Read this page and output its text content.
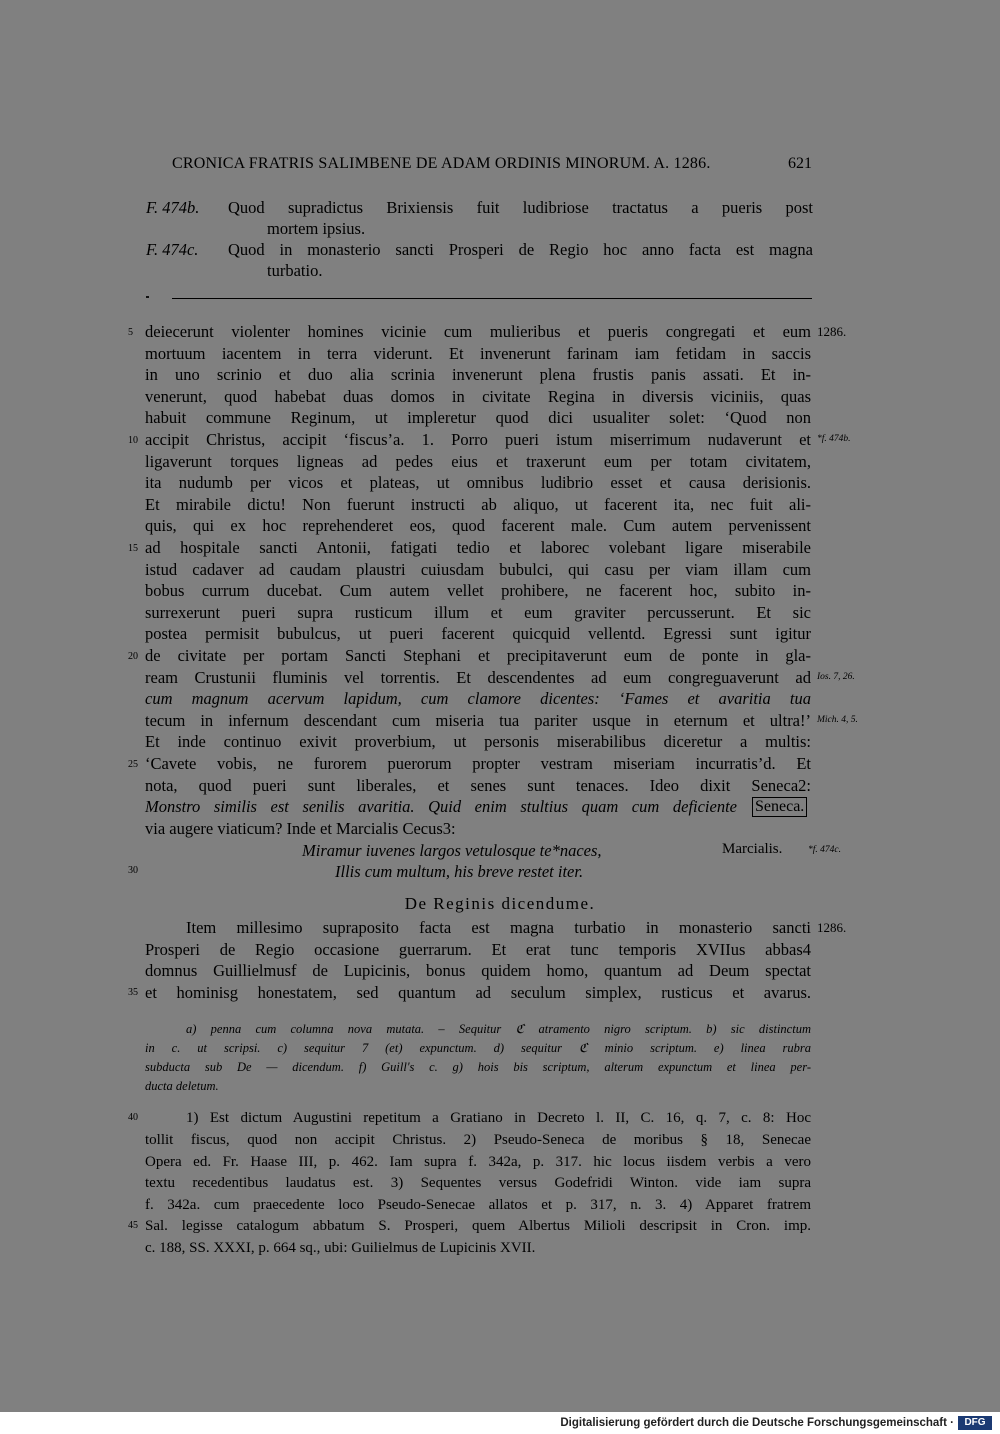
CRONICA FRATRIS SALIMBENE DE ADAM ORDINIS MINORUM. A. 1286.	621
F. 474b. Quod supradictus Brixiensis fuit ludibriose tractatus a pueris post
mortem ipsius.
F. 474c. Quod in monasterio sancti Prosperi de Regio hoc anno facta est magna
turbatio.
deiecerunt violenter homines vicinie cum mulieribus et pueris congregati et eum
mortuum iacentem in terra viderunt. Et invenerunt farinam iam fetidam in saccis
in uno scrinio et duo alia scrinia invenerunt plena frustis panis assati. Et in-
venerunt, quod habebat duas domos in civitate Regina in diversis viciniis, quas
habuit commune Reginum, ut impleretur quod dici usualiter solet: ‘Quod non
accipit Christus, accipit ‘fiscus’a. 1. Porro pueri istum miserrimum nudaverunt et
ligaverunt torques ligneas ad pedes eius et traxerunt eum per totam civitatem,
ita nudumb per vicos et plateas, ut omnibus ludibrio esset et causa derisionis.
Et mirabile dictu! Non fuerunt instructi ab aliquo, ut facerent ita, nec fuit ali-
quis, qui ex hoc reprehenderet eos, quod facerent male. Cum autem pervenissent
ad hospitale sancti Antonii, fatigati tedio et laborec volebant ligare miserabile
istud cadaver ad caudam plaustri cuiusdam bubulci, qui casu per viam illam cum
bobus currum ducebat. Cum autem vellet prohibere, ne facerent hoc, subito in-
surrexerunt pueri supra rusticum illum et eum graviter percusserunt. Et sic
postea permisit bubulcus, ut pueri facerent quicquid vellentd. Egressi sunt igitur
de civitate per portam Sancti Stephani et precipitaverunt eum de ponte in gla-
ream Crustunii fluminis vel torrentis. Et descendentes ad eum congreguaverunt ad
cum magnum acervum lapidum, cum clamore dicentes: ‘Fames et avaritia tua
tecum in infernum descendant cum miseria tua pariter usque in eternum et ultra!’
Et inde continuo exivit proverbium, ut personis miserabilibus diceretur a multis:
‘Cavete vobis, ne furorem puerorum propter vestram miseriam incurratis’d. Et
nota, quod pueri sunt liberales, et senes sunt tenaces. Ideo dixit Seneca2:
Monstro similis est senilis avaritia. Quid enim stultius quam cum deficiente
via augere viaticum? Inde et Marcialis Cecus3:
5
10
15
20
25
30
35
40
45
1286.
*f. 474b.
Ios. 7, 26.
Mich. 4, 5.
Seneca.
Marcialis.	*f. 474c.
Miramur iuvenes largos vetulosque te*naces,
Illis cum multum, his breve restet iter.
De Reginis dicendume.
Item millesimo supraposito facta est magna turbatio in monasterio sancti
Prosperi de Regio occasione guerrarum. Et erat tunc temporis XVIIus abbas4
domnus Guillielmusf de Lupicinis, bonus quidem homo, quantum ad Deum spectat
et hominisg honestatem, sed quantum ad seculum simplex, rusticus et avarus.
1286.
a) penna cum columna nova mutata. – Sequitur ℭ atramento nigro scriptum. b) sic distinctum
in c. ut scripsi. c) sequitur 7 (et) expunctum. d) sequitur ℭ minio scriptum. e) linea rubra
subducta sub De — dicendum. f) Guill's c. g) hois bis scriptum, alterum expunctum et linea per-
ducta deletum.
1) Est dictum Augustini repetitum a Gratiano in Decreto l. II, C. 16, q. 7, c. 8: Hoc
tollit fiscus, quod non accipit Christus. 2) Pseudo-Seneca de moribus § 18, Senecae
Opera ed. Fr. Haase III, p. 462. Iam supra f. 342a, p. 317. hic locus iisdem verbis a vero
textu recedentibus laudatus est. 3) Sequentes versus Godefridi Winton. vide iam supra
f. 342a. cum praecedente loco Pseudo-Senecae allatos et p. 317, n. 3. 4) Apparet fratrem
Sal. legisse catalogum abbatum S. Prosperi, quem Albertus Milioli descripsit in Cron. imp.
c. 188, SS. XXXI, p. 664 sq., ubi: Guilielmus de Lupicinis XVII.
Digitalisierung gefördert durch die Deutsche Forschungsgemeinschaft ·	DFG
